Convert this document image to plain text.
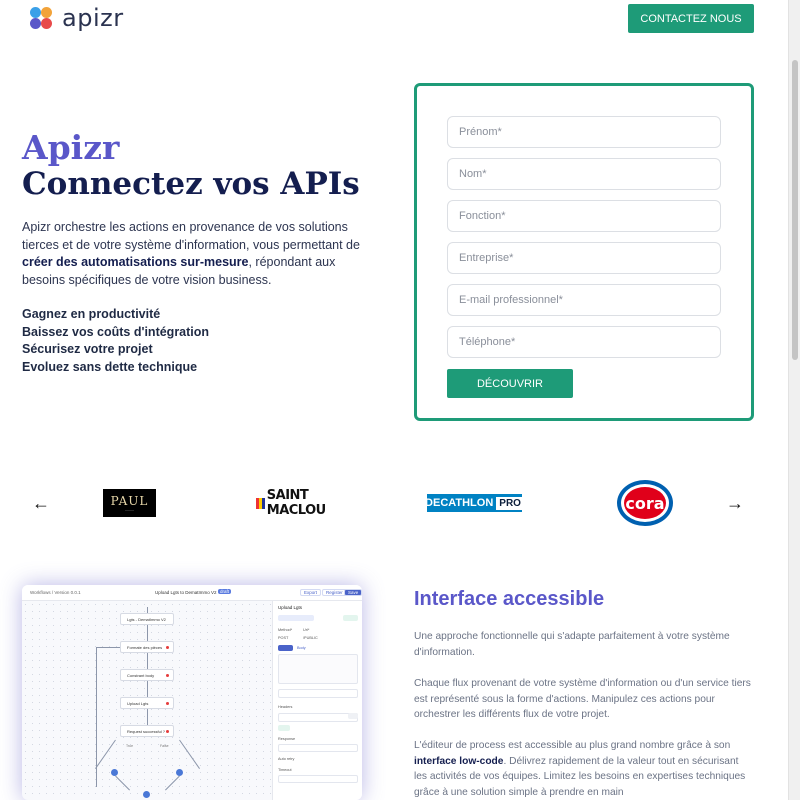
apizr	CONTACTEZ NOUS
Apizr
Connectez vos APIs

Apizr orchestre les actions en provenance de vos solutions tierces et de votre système d'information, vous permettant de créer des automatisations sur-mesure, répondant aux besoins spécifiques de votre vision business.

Gagnez en productivité
Baissez vos coûts d'intégration
Sécurisez votre projet
Evoluez sans dette technique
Prénom*
Nom*
Fonction*
Entreprise*
E-mail professionnel*
Téléphone*
DÉCOUVRIR
←	PAUL
———
SAINT MACLOU	DECATHLON PRO	cora	→
Workflows / Version 0.0.1	Upload Lgts to DematImmo V2 draft	Export	Register	Save
Lgts - DematImmo V2
Formate des pièces
Constrant body
Upload Lgts
Request successful ?
True	False
Upload Lgts
Method*	Url*
POST	/PUBLIC
Body
Headers
Response
Auto retry
Timeout
Interface accessible

Une approche fonctionnelle qui s'adapte parfaitement à votre système d'information.

Chaque flux provenant de votre système d'information ou d'un service tiers est représenté sous la forme d'actions. Manipulez ces actions pour orchestrer les différents flux de votre projet.

L'éditeur de process est accessible au plus grand nombre grâce à son interface low-code. Délivrez rapidement de la valeur tout en sécurisant les activités de vos équipes. Limitez les besoins en expertises techniques grâce à une solution simple à prendre en main
